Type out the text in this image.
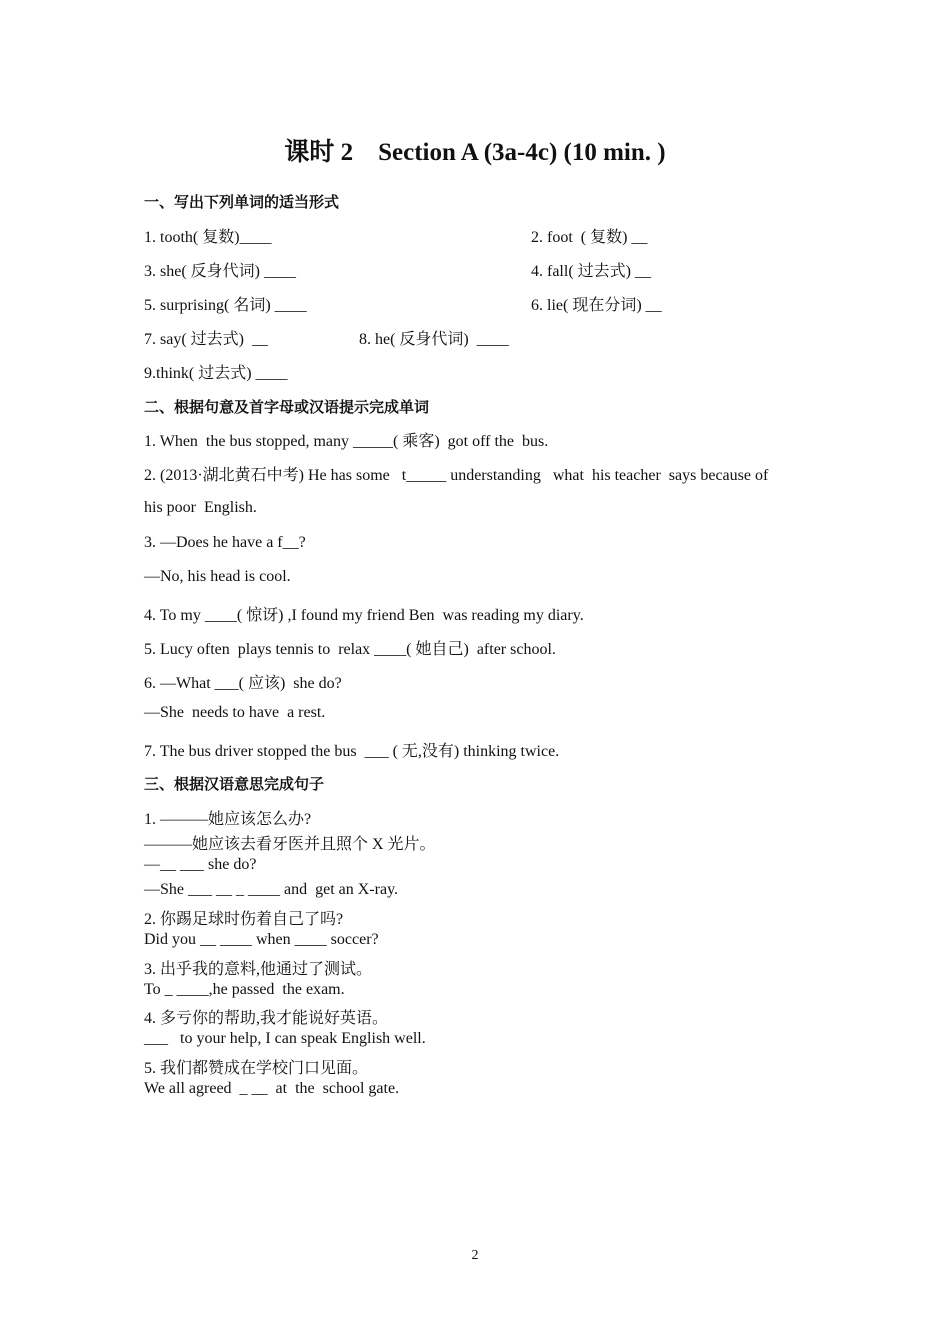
课时 2　Section A (3a-4c) (10 min. )
一、写出下列单词的适当形式
1. tooth( 复数)____	2. foot  ( 复数) __
3. she( 反身代词) ____	4. fall( 过去式) __
5. surprising( 名词) ____	6. lie( 现在分词) __
7. say( 过去式)  __	8. he( 反身代词)  ____
9.think( 过去式) ____
二、根据句意及首字母或汉语提示完成单词
1. When  the bus stopped, many _____( 乘客)  got off the  bus.
2. (2013·湖北黄石中考) He has some   t_____ understanding   what  his teacher  says because of
his poor  English.
3. —Does he have a f__?
—No, his head is cool.
4. To my ____( 惊讶) ,I found my friend Ben  was reading my diary.
5. Lucy often  plays tennis to  relax ____( 她自己)  after school.
6. —What ___( 应该)  she do?
—She  needs to have  a rest.
7. The bus driver stopped the bus  ___ ( 无,没有) thinking twice.
三、根据汉语意思完成句子
1. ———她应该怎么办?
———她应该去看牙医并且照个 X 光片。
—__ ___ she do?
—She ___ __ _ ____ and  get an X-ray.
2. 你踢足球时伤着自己了吗?
Did you __ ____ when ____ soccer?
3. 出乎我的意料,他通过了测试。
To _ ____,he passed  the exam.
4. 多亏你的帮助,我才能说好英语。
___   to your help, I can speak English well.
5. 我们都赞成在学校门口见面。
We all agreed  _ __  at  the  school gate.
2
